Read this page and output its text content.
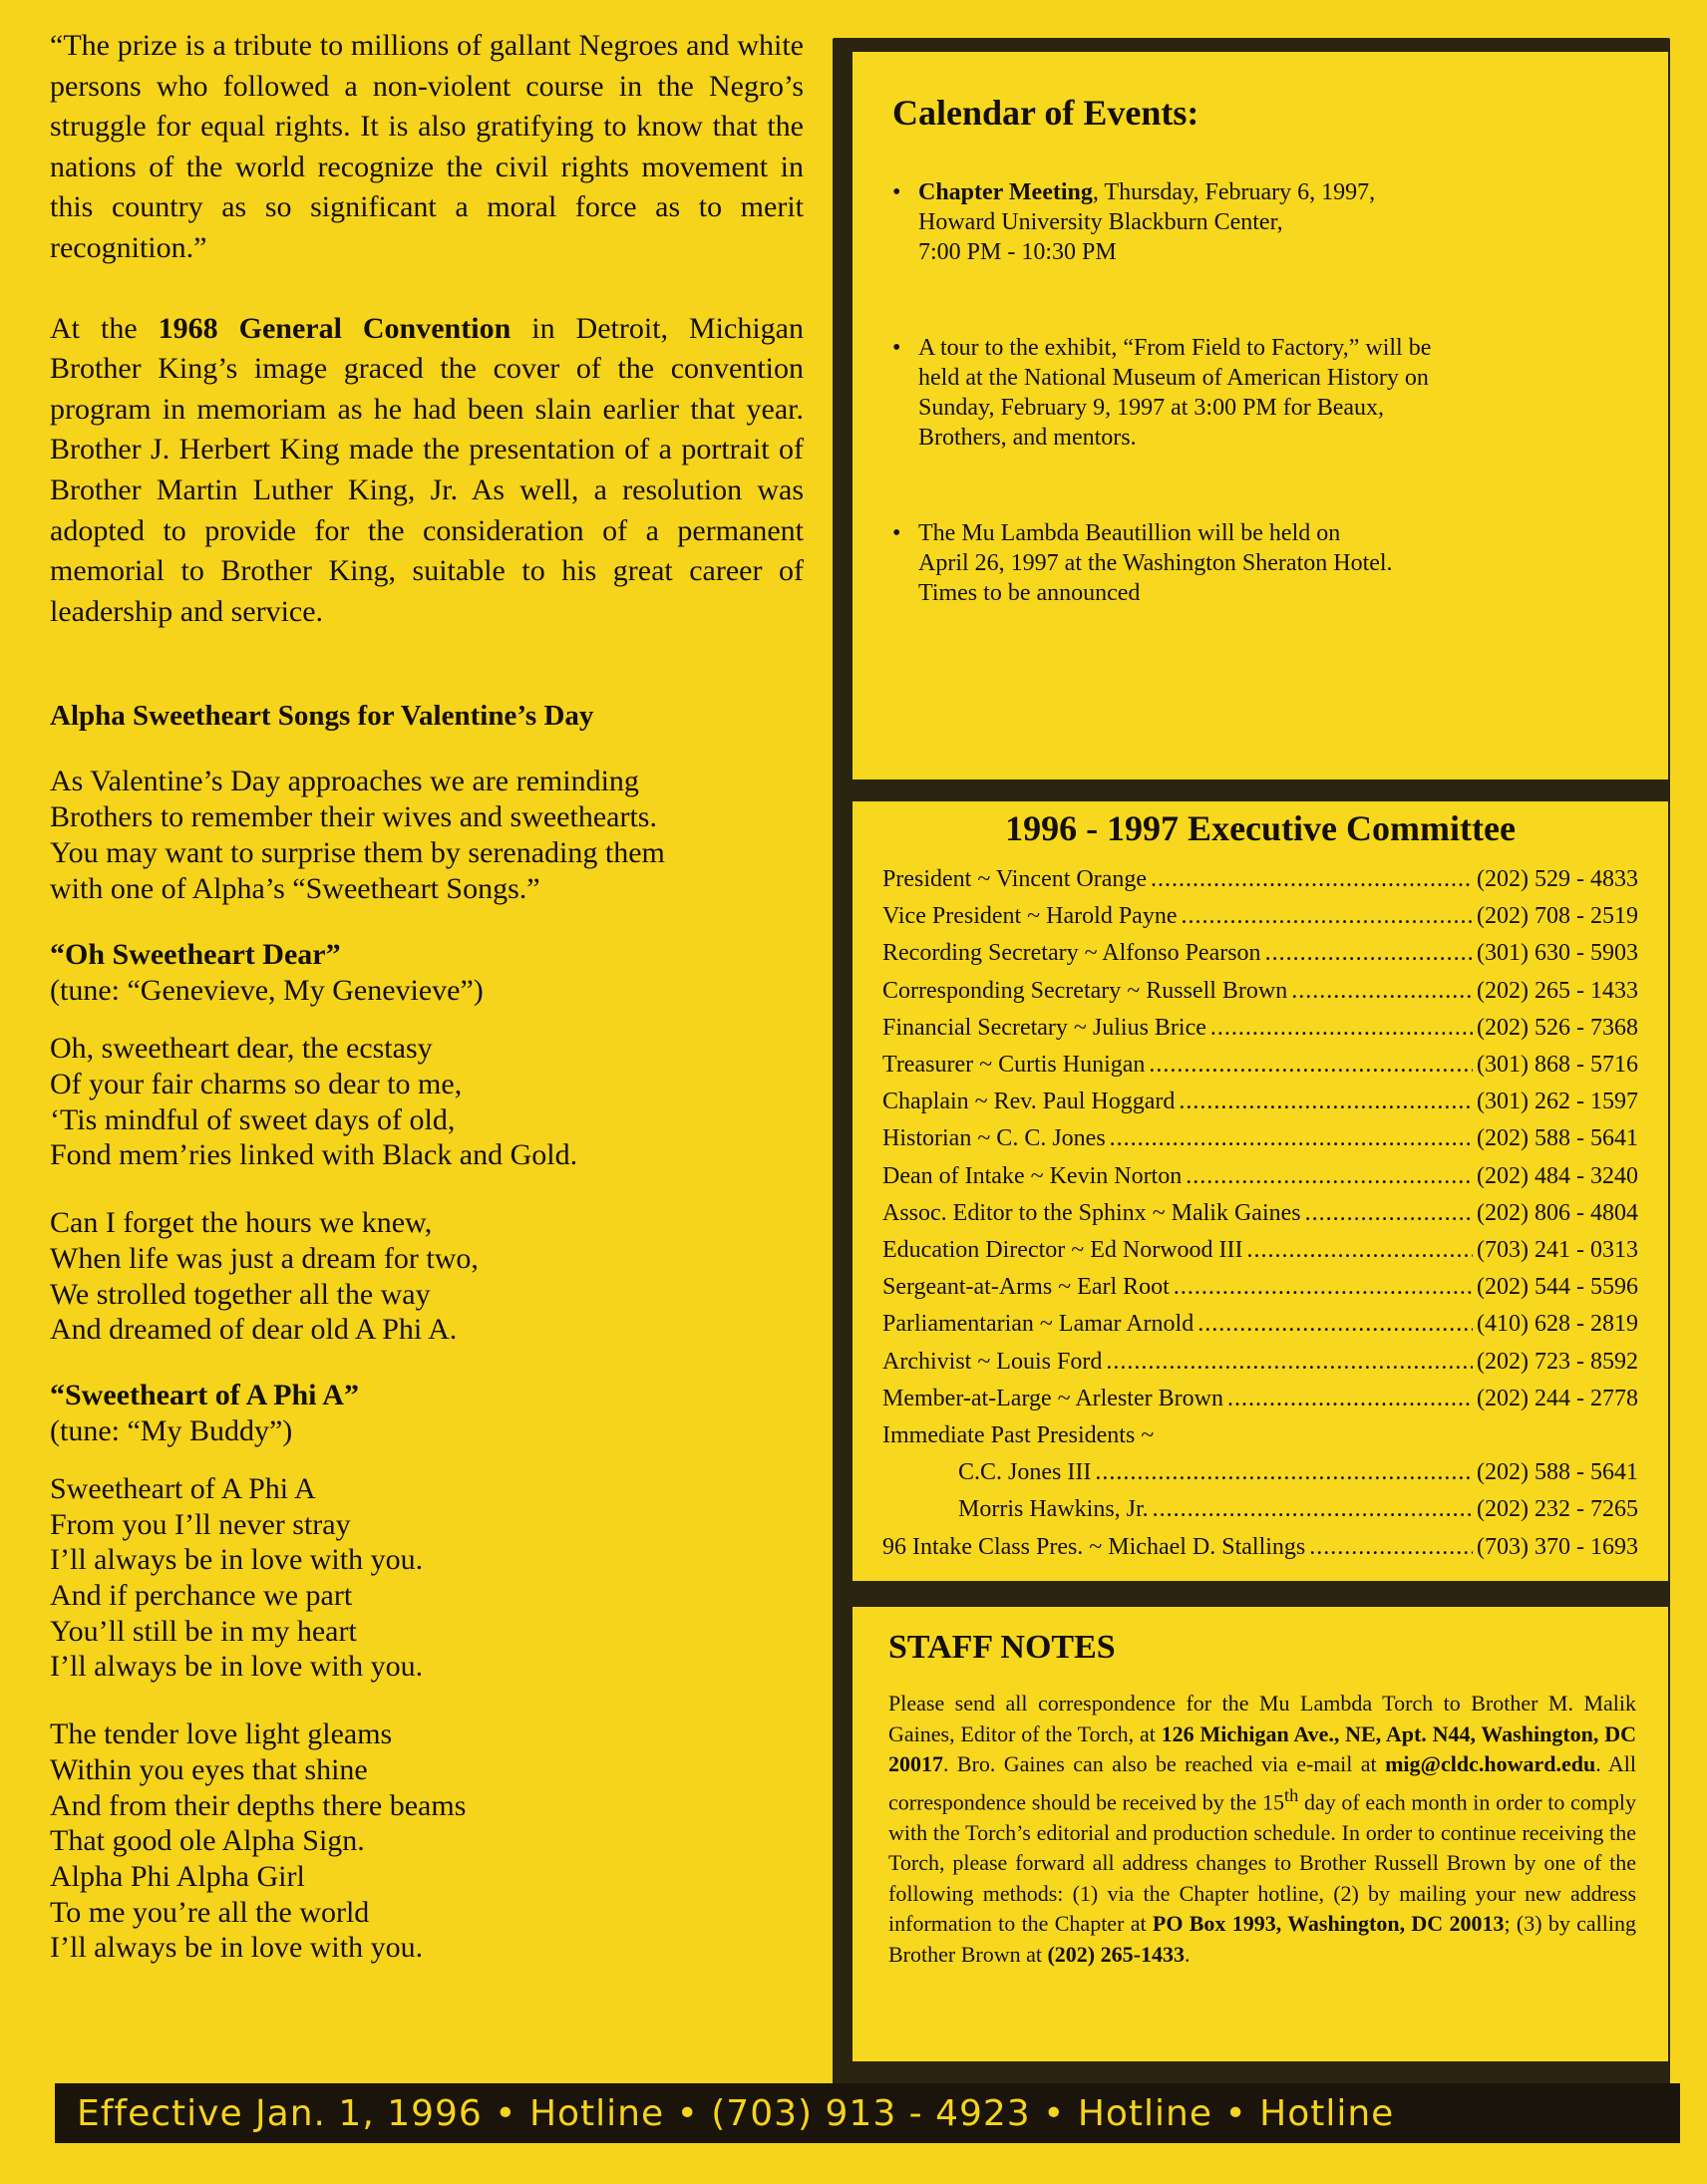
“The prize is a tribute to millions of gallant Negroes and white persons who followed a non-violent course in the Negro’s struggle for equal rights. It is also gratifying to know that the nations of the world recognize the civil rights movement in this country as so significant a moral force as to merit recognition.”

At the 1968 General Convention in Detroit, Michigan Brother King’s image graced the cover of the convention program in memoriam as he had been slain earlier that year. Brother J. Herbert King made the presentation of a portrait of Brother Martin Luther King, Jr. As well, a resolution was adopted to provide for the consideration of a permanent memorial to Brother King, suitable to his great career of leadership and service.

Alpha Sweetheart Songs for Valentine’s Day

As Valentine’s Day approaches we are reminding
Brothers to remember their wives and sweethearts.
You may want to surprise them by serenading them
with one of Alpha’s “Sweetheart Songs.”

“Oh Sweetheart Dear”

(tune: “Genevieve, My Genevieve”)

Oh, sweetheart dear, the ecstasy
Of your fair charms so dear to me,
‘Tis mindful of sweet days of old,
Fond mem’ries linked with Black and Gold.

Can I forget the hours we knew,
When life was just a dream for two,
We strolled together all the way
And dreamed of dear old A Phi A.

“Sweetheart of A Phi A”

(tune: “My Buddy”)

Sweetheart of A Phi A
From you I’ll never stray
I’ll always be in love with you.
And if perchance we part
You’ll still be in my heart
I’ll always be in love with you.

The tender love light gleams
Within you eyes that shine
And from their depths there beams
That good ole Alpha Sign.
Alpha Phi Alpha Girl
To me you’re all the world
I’ll always be in love with you.

Calendar of Events:
• Chapter Meeting, Thursday, February 6, 1997,
Howard University Blackburn Center,
7:00 PM - 10:30 PM
• A tour to the exhibit, “From Field to Factory,” will be
held at the National Museum of American History on
Sunday, February 9, 1997 at 3:00 PM for Beaux,
Brothers, and mentors.
• The Mu Lambda Beautillion will be held on
April 26, 1997 at the Washington Sheraton Hotel.
Times to be announced
1996 - 1997 Executive Committee
President ~ Vincent Orange .....	(202) 529 - 4833
Vice President ~ Harold Payne .....	(202) 708 - 2519
Recording Secretary ~ Alfonso Pearson .....	(301) 630 - 5903
Corresponding Secretary ~ Russell Brown .....	(202) 265 - 1433
Financial Secretary ~ Julius Brice .....	(202) 526 - 7368
Treasurer ~ Curtis Hunigan .....	(301) 868 - 5716
Chaplain ~ Rev. Paul Hoggard .....	(301) 262 - 1597
Historian ~ C. C. Jones .....	(202) 588 - 5641
Dean of Intake ~ Kevin Norton .....	(202) 484 - 3240
Assoc. Editor to the Sphinx ~ Malik Gaines .....	(202) 806 - 4804
Education Director ~ Ed Norwood III .....	(703) 241 - 0313
Sergeant-at-Arms ~ Earl Root .....	(202) 544 - 5596
Parliamentarian ~ Lamar Arnold .....	(410) 628 - 2819
Archivist ~ Louis Ford .....	(202) 723 - 8592
Member-at-Large ~ Arlester Brown .....	(202) 244 - 2778
Immediate Past Presidents ~
C.C. Jones III .....	(202) 588 - 5641
Morris Hawkins, Jr. .....	(202) 232 - 7265
96 Intake Class Pres. ~ Michael D. Stallings .....	(703) 370 - 1693
STAFF NOTES

Please send all correspondence for the Mu Lambda Torch to Brother M. Malik Gaines, Editor of the Torch, at 126 Michigan Ave., NE, Apt. N44, Washington, DC 20017. Bro. Gaines can also be reached via e-mail at mig@cldc.howard.edu. All correspondence should be received by the 15th day of each month in order to comply with the Torch’s editorial and production schedule. In order to continue receiving the Torch, please forward all address changes to Brother Russell Brown by one of the following methods: (1) via the Chapter hotline, (2) by mailing your new address information to the Chapter at PO Box 1993, Washington, DC 20013; (3) by calling Brother Brown at (202) 265-1433.

Effective Jan. 1, 1996 • Hotline • (703) 913 - 4923 • Hotline • Hotline
